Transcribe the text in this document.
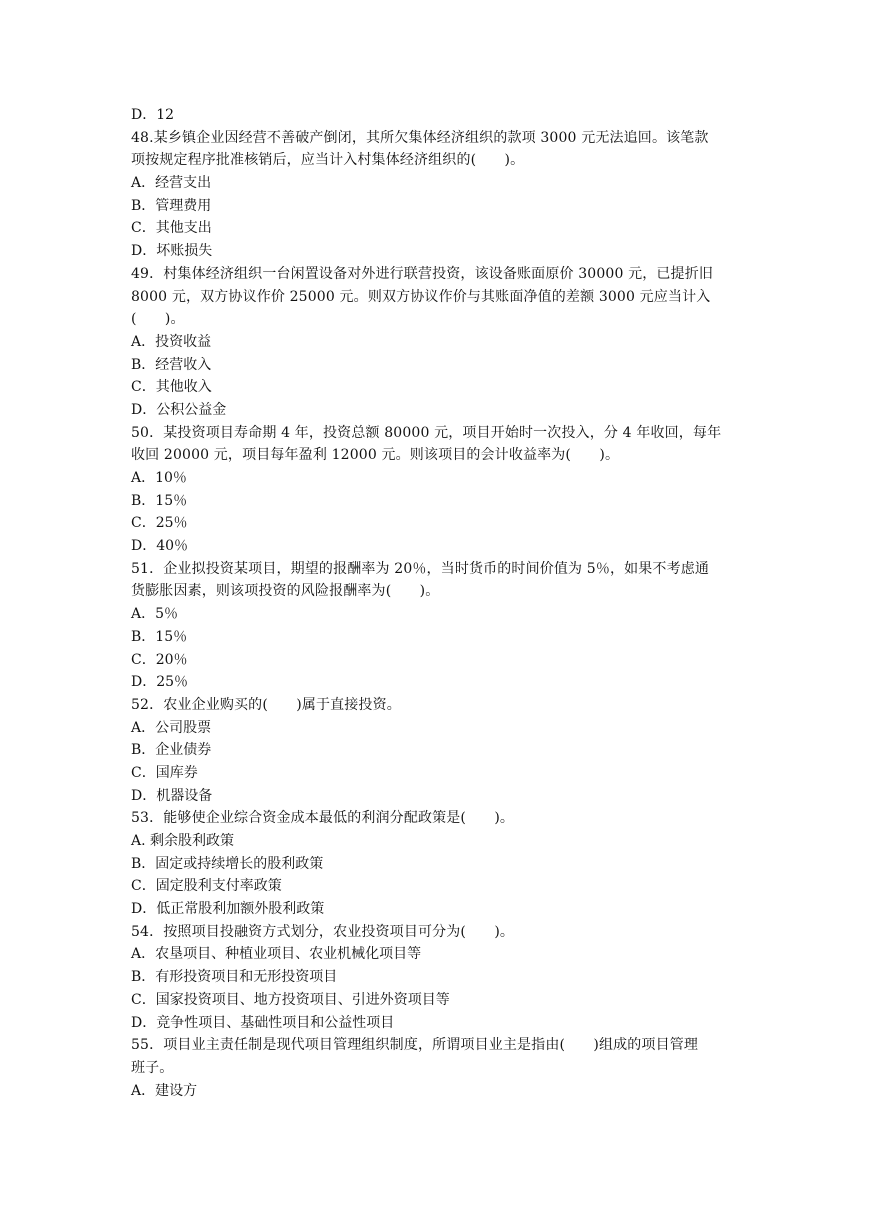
D．12
48.某乡镇企业因经营不善破产倒闭，其所欠集体经济组织的款项 3000 元无法追回。该笔款
项按规定程序批准核销后，应当计入村集体经济组织的(　　)。
A．经营支出
B．管理费用
C．其他支出
D．坏账损失
49．村集体经济组织一台闲置设备对外进行联营投资，该设备账面原价 30000 元，已提折旧
8000 元，双方协议作价 25000 元。则双方协议作价与其账面净值的差额 3000 元应当计入
(　　)。
A．投资收益
B．经营收入
C．其他收入
D．公积公益金
50．某投资项目寿命期 4 年，投资总额 80000 元，项目开始时一次投入，分 4 年收回，每年
收回 20000 元，项目每年盈利 12000 元。则该项目的会计收益率为(　　)。
A．10％
B．15％
C．25％
D．40％
51．企业拟投资某项目，期望的报酬率为 20％，当时货币的时间价值为 5％，如果不考虑通
货膨胀因素，则该项投资的风险报酬率为(　　)。
A．5％
B．15％
C．20％
D．25％
52．农业企业购买的(　　)属于直接投资。
A．公司股票
B．企业债券
C．国库券
D．机器设备
53．能够使企业综合资金成本最低的利润分配政策是(　　)。
A. 剩余股利政策
B．固定或持续增长的股利政策
C．固定股利支付率政策
D．低正常股利加额外股利政策
54．按照项目投融资方式划分，农业投资项目可分为(　　)。
A．农垦项目、种植业项目、农业机械化项目等
B．有形投资项目和无形投资项目
C．国家投资项目、地方投资项目、引进外资项目等
D．竞争性项目、基础性项目和公益性项目
55．项目业主责任制是现代项目管理组织制度，所谓项目业主是指由(　　)组成的项目管理
班子。
A．建设方
